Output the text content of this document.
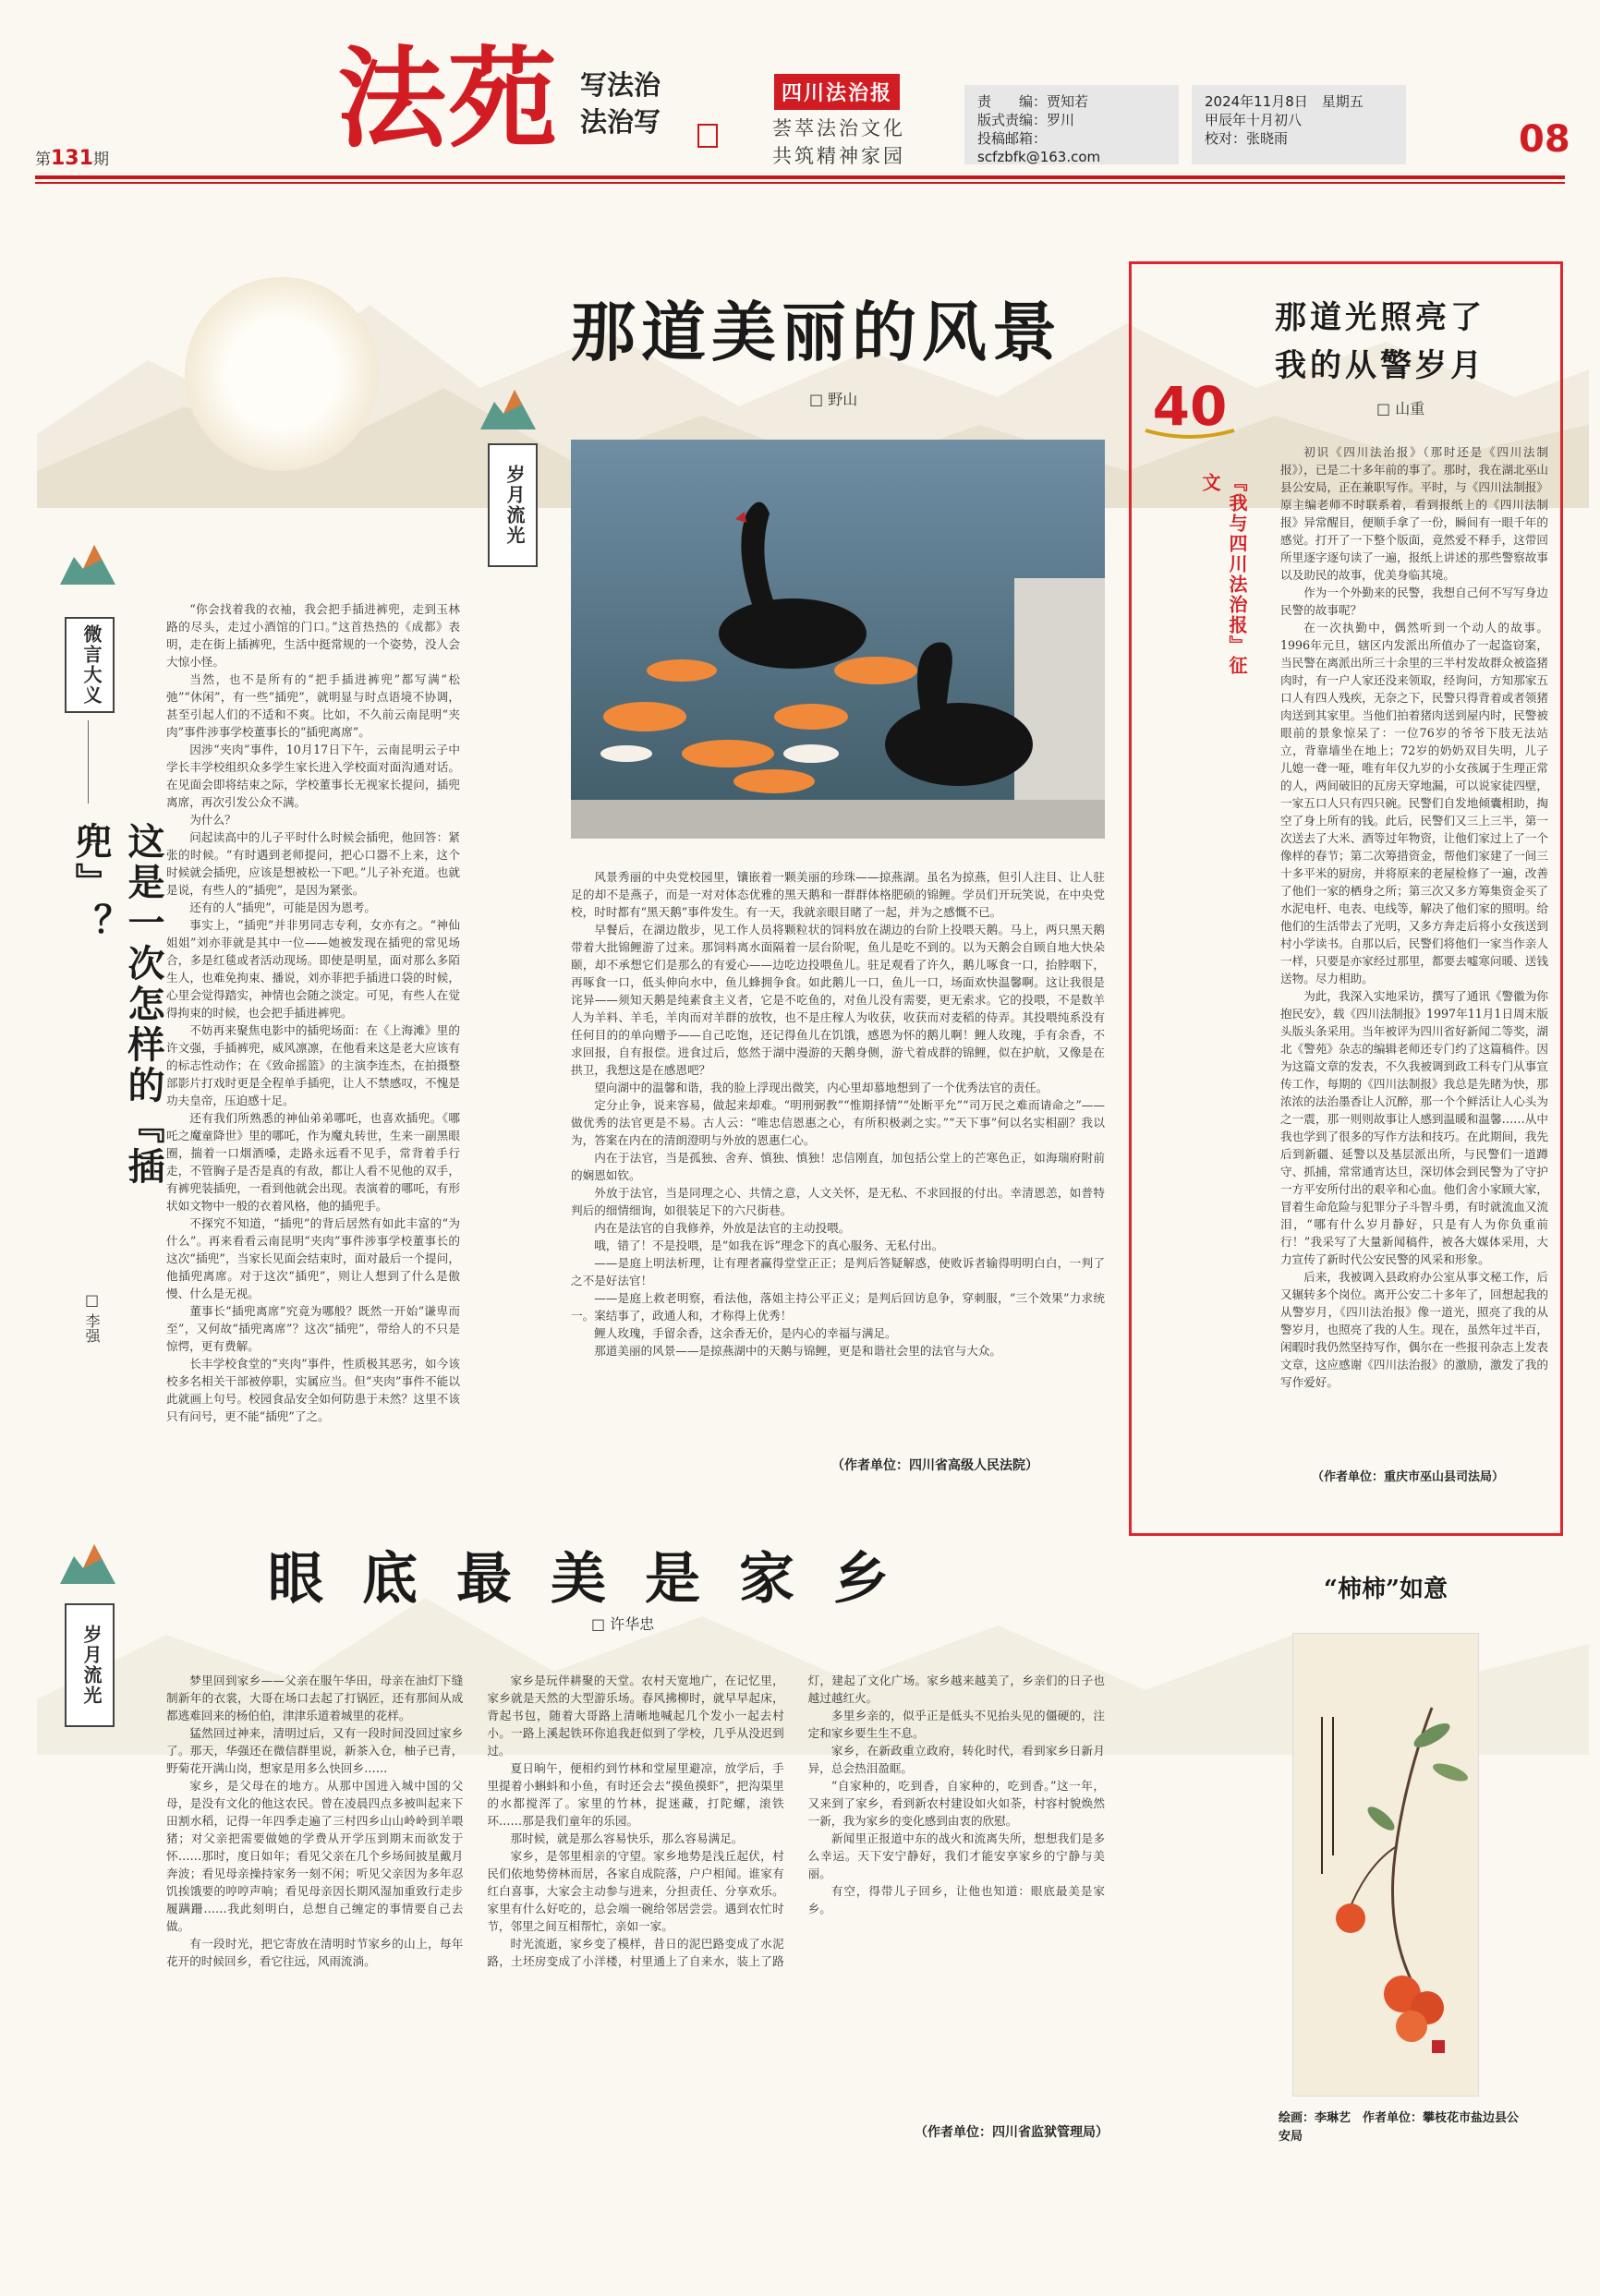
第131期 法苑 写法治
法治写
四川法治报
荟萃法治文化
共筑精神家园
责　　编：贾知若
版式责编：罗川
投稿邮箱：scfzbfk@163.com
2024年11月8日　星期五
甲辰年十月初八
校对：张晓雨	08
微言大义
这是一次怎样的『插兜』？
□ 李强

“你会找着我的衣袖，我会把手插进裤兜，走到玉林路的尽头，走过小酒馆的门口。”这首热热的《成都》表明，走在街上插裤兜，生活中挺常规的一个姿势，没人会大惊小怪。

当然，也不是所有的“把手插进裤兜”都写满“松弛”“休闲”，有一些“插兜”，就明显与时点语境不协调，甚至引起人们的不适和不爽。比如，不久前云南昆明“夹肉”事件涉事学校董事长的“插兜离席”。

因涉“夹肉”事件，10月17日下午，云南昆明云子中学长丰学校组织众多学生家长进入学校面对面沟通对话。在见面会即将结束之际，学校董事长无视家长提问，插兜离席，再次引发公众不满。

为什么？

问起读高中的儿子平时什么时候会插兜，他回答：紧张的时候。“有时遇到老师提问，把心口器不上来，这个时候就会插兜，应该是想被松一下吧。”儿子补充道。也就是说，有些人的“插兜”，是因为紧张。

还有的人“插兜”，可能是因为恩考。

事实上，“插兜”并非男同志专利，女亦有之。“神仙姐姐”刘亦菲就是其中一位——她被发现在插兜的常见场合，多是红毯或者活动现场。即使是明星，面对那么多陌生人，也难免拘束、播说，刘亦菲把手插进口袋的时候，心里会觉得踏实，神情也会随之淡定。可见，有些人在觉得拘束的时候，也会把手插进裤兜。

不妨再来聚焦电影中的插兜场面：在《上海滩》里的许文强，手插裤兜，威风凛凛，在他看来这是老大应该有的标志性动作；在《致命摇篮》的主演李连杰，在拍摄整部影片打戏时更是全程单手插兜，让人不禁感叹，不愧是功夫皇帝，压迫感十足。

还有我们所熟悉的神仙弟弟哪吒，也喜欢插兜。《哪吒之魔童降世》里的哪吒，作为魔丸转世，生来一副黑眼圈，揣着一口烟酒嗓，走路永远看不见手，常背着手行走，不管胸子是否是真的有敌，都让人看不见他的双手，有裤兜装插兜，一看到他就会出现。表演着的哪吒，有形状如文物中一般的衣着风格，他的插兜手。

不探究不知道，“插兜”的背后居然有如此丰富的“为什么”。再来看看云南昆明“夹肉”事件涉事学校董事长的这次“插兜”，当家长见面会结束时，面对最后一个提问，他插兜离席。对于这次“插兜”，则让人想到了什么是傲慢、什么是无视。

董事长“插兜离席”究竟为哪般？既然一开始“谦卑而至”，又何故“插兜离席”？这次“插兜”，带给人的不只是惊愕，更有费解。

长丰学校食堂的“夹肉”事件，性质极其恶劣，如今该校多名相关干部被停职，实属应当。但“夹肉”事件不能以此就画上句号。校园食品安全如何防患于未然？这里不该只有问号，更不能“插兜”了之。

岁月流光
那道美丽的风景
□ 野山

风景秀丽的中央党校园里，镶嵌着一颗美丽的珍珠——掠燕湖。虽名为掠燕，但引人注目、让人驻足的却不是燕子，而是一对对体态优雅的黑天鹅和一群群体格肥硕的锦鲤。学员们开玩笑说，在中央党校，时时都有“黑天鹅”事件发生。有一天，我就亲眼目睹了一起，并为之感慨不已。

早餐后，在湖边散步，见工作人员将颗粒状的饲料放在湖边的台阶上投喂天鹅。马上，两只黑天鹅带着大批锦鲤游了过来。那饲料离水面隔着一层台阶呢，鱼儿是吃不到的。以为天鹅会自顾自地大快朵颐，却不承想它们是那么的有爱心——边吃边投喂鱼儿。驻足观看了许久，鹅儿啄食一口，抬脖咽下，再啄食一口，低头伸向水中，鱼儿蜂拥争食。如此鹅儿一口，鱼儿一口，场面欢快温馨啊。这让我很是诧异——须知天鹅是纯素食主义者，它是不吃鱼的，对鱼儿没有需要，更无索求。它的投喂，不是数羊人为羊料、羊毛，羊肉而对羊群的放牧，也不是庄稼人为收获，收获而对麦稻的侍弄。其投喂纯系没有任何目的的单向赠予——自己吃饱，还记得鱼儿在饥饿，感恩为怀的鹅儿啊！鲤人玫瑰，手有余香，不求回报，自有报偿。进食过后，悠然于湖中漫游的天鹅身侧，游弋着成群的锦鲤，似在护航，又像是在拱卫，我想这是在感恩吧？

望向湖中的温馨和谐，我的脸上浮现出微笑，内心里却慕地想到了一个优秀法官的责任。

定分止争，说来容易，做起来却难。“明刑弼教”“惟期择情”“处断平允”“司万民之难而请命之”——做优秀的法官更是不易。古人云：“唯忠信恩惠之心，有所积极剥之实。”“天下事”何以名实相副？我以为，答案在内在的清朗澄明与外放的恩惠仁心。

内在于法官，当是孤独、舍弃、慎独、慎独！忠信刚直，加包括公堂上的芒寒色正，如海瑞府附前的娴恩如钦。

外放于法官，当是同理之心、共情之意，人文关怀，是无私、不求回报的付出。幸清恩恙，如普特判后的细情细询，如很装足下的六尺街巷。

内在是法官的自我修养，外放是法官的主动投喂。

哦，错了！不是投喂，是“如我在诉”理念下的真心服务、无私付出。

——是庭上明法析理，让有理者赢得堂堂正正；是判后答疑解惑，使败诉者输得明明白白，一判了之不是好法官！

——是庭上救老明察，看法他，落姐主持公平正义；是判后回访息争，穿刺服，“三个效果”力求统一。案结事了，政通人和，才称得上优秀！

鲤人玫瑰，手留余香，这余香无价，是内心的幸福与满足。

那道美丽的风景——是掠燕湖中的天鹅与锦鲤，更是和谐社会里的法官与大众。

（作者单位：四川省高级人民法院）
40
『我与四川法治报』征文
那道光照亮了
我的从警岁月
□ 山重

初识《四川法治报》（那时还是《四川法制报》），已是二十多年前的事了。那时，我在湖北巫山县公安局，正在兼职写作。平时，与《四川法制报》原主编老师不时联系着，看到报纸上的《四川法制报》异常醒目，便顺手拿了一份，瞬间有一眼千年的感觉。打开了一下整个版面，竟然爱不释手，这带回所里逐字逐句读了一遍，报纸上讲述的那些警察故事以及助民的故事，优美身临其境。

作为一个外勤来的民警，我想自己何不写写身边民警的故事呢？

在一次执勤中，偶然听到一个动人的故事。1996年元旦，辖区内发派出所值办了一起盗窃案，当民警在离派出所三十余里的三半村发故群众被盗猪肉时，有一户人家还没来领取，经询问，方知那家五口人有四人残疾，无奈之下，民警只得背着或者领猪肉送到其家里。当他们拍着猪肉送到屋内时，民警被眼前的景象惊呆了：一位76岁的爷爷下肢无法站立，背靠墙坐在地上；72岁的奶奶双目失明，儿子儿媳一聋一哑，唯有年仅九岁的小女孩属于生理正常的人，两间破旧的瓦房天穿地漏，可以说家徒四壁，一家五口人只有四只碗。民警们自发地倾囊相助，掏空了身上所有的钱。此后，民警们又三上三半，第一次送去了大米、酒等过年物资，让他们家过上了一个像样的春节；第二次筹措资金，帮他们家建了一间三十多平米的厨房，并将原来的老屋检修了一遍，改善了他们一家的栖身之所；第三次又多方筹集资金买了水泥电杆、电表、电线等，解决了他们家的照明。给他们的生活带去了光明，又多方奔走后将小女孩送到村小学读书。自那以后，民警们将他们一家当作亲人一样，只要是亦家经过那里，都要去嘘寒问暖、送钱送物。尽力相助。

为此，我深入实地采访，撰写了通讯《警徽为你抱民安》，载《四川法制报》1997年11月1日周末版头版头条采用。当年被评为四川省好新闻二等奖，湖北《警苑》杂志的编辑老师还专门约了这篇稿件。因为这篇文章的发表，不久我被调到政工科专门从事宣传工作，每期的《四川法制报》我总是先睹为快，那浓浓的法治墨香让人沉醉，那一个个鲜活让人心头为之一震，那一则则故事让人感到温暖和温馨……从中我也学到了很多的写作方法和技巧。在此期间，我先后到新疆、延警以及基层派出所，与民警们一道蹲守、抓捕，常常通宵达旦，深切体会到民警为了守护一方平安所付出的艰辛和心血。他们舍小家顾大家，冒着生命危险与犯罪分子斗智斗勇，有时就流血又流泪，“哪有什么岁月静好，只是有人为你负重前行！”我采写了大量新闻稿件，被各大媒体采用，大力宣传了新时代公安民警的风采和形象。

后来，我被调入县政府办公室从事文秘工作，后又辗转多个岗位。离开公安二十多年了，回想起我的从警岁月，《四川法治报》像一道光，照亮了我的从警岁月，也照亮了我的人生。现在，虽然年过半百，闲暇时我仍然坚持写作，偶尔在一些报刊杂志上发表文章，这应感谢《四川法治报》的激励，激发了我的写作爱好。

（作者单位：重庆市巫山县司法局）
岁月流光
眼底最美是家乡
□ 许华忠

梦里回到家乡——父亲在服午华田，母亲在油灯下缝制新年的衣裳，大哥在场口去起了打锅匠，还有那间从成都逃难回来的杨伯伯，津津乐道着城里的花样。

猛然回过神来，清明过后，又有一段时间没回过家乡了。那天，华强还在微信群里说，新茶入仓，柚子已青，野菊花开满山岗，想家是用多么快回乡……

家乡，是父母在的地方。从那中国进入城中国的父母，是没有文化的他这农民。曾在凌晨四点多被叫起来下田割水稻，记得一年四季走遍了三村四乡山山岭岭到羊喂猪；对父亲把需要做她的学费从开学压到期末而欲发于怀……那时，度日如年；看见父亲在几个乡场间披星戴月奔波；看见母亲操持家务一刻不闲；听见父亲因为多年忍饥挨饿要的哼哼声响；看见母亲因长期风湿加重致行走步履蹒跚……我此刻明白，总想自己缠定的事情要自己去做。

有一段时光，把它寄放在清明时节家乡的山上，每年花开的时候回乡，看它往远，风雨流淌。

家乡是玩伴耕聚的天堂。农村天宽地广，在记忆里，家乡就是天然的大型游乐场。春风拂柳时，就早早起床，背起书包，随着大哥路上清晰地喊起几个发小一起去村小。一路上溪起铁环你追我赶似到了学校，几乎从没迟到过。

夏日晌午，便相约到竹林和堂屋里避凉，放学后，手里提着小蝌蚪和小鱼，有时还会去“摸鱼摸虾”，把沟渠里的水都搅浑了。家里的竹林，捉迷藏，打陀螺，滚铁环……那是我们童年的乐园。

那时候，就是那么容易快乐，那么容易满足。

家乡，是邻里相亲的守望。家乡地势是浅丘起伏，村民们依地势傍林而居，各家自成院落，户户相闻。谁家有红白喜事，大家会主动参与进来，分担责任、分享欢乐。家里有什么好吃的，总会端一碗给邻居尝尝。遇到农忙时节，邻里之间互相帮忙，亲如一家。

时光流逝，家乡变了模样，昔日的泥巴路变成了水泥路，土坯房变成了小洋楼，村里通上了自来水，装上了路灯，建起了文化广场。家乡越来越美了，乡亲们的日子也越过越红火。

多里乡亲的，似乎正是低头不见抬头见的僵硬的，注定和家乡要生生不息。

家乡，在新政重立政府，转化时代，看到家乡日新月异，总会热泪盈眶。

“自家种的，吃到香，自家种的，吃到香。”这一年，又来到了家乡，看到新农村建设如火如荼，村容村貌焕然一新，我为家乡的变化感到由衷的欣慰。

新闻里正报道中东的战火和流离失所，想想我们是多么幸运。天下安宁静好，我们才能安享家乡的宁静与美丽。

有空，得带儿子回乡，让他也知道：眼底最美是家乡。

（作者单位：四川省监狱管理局）
“柿柿”如意
绘画：李琳艺　作者单位：攀枝花市盐边县公安局
